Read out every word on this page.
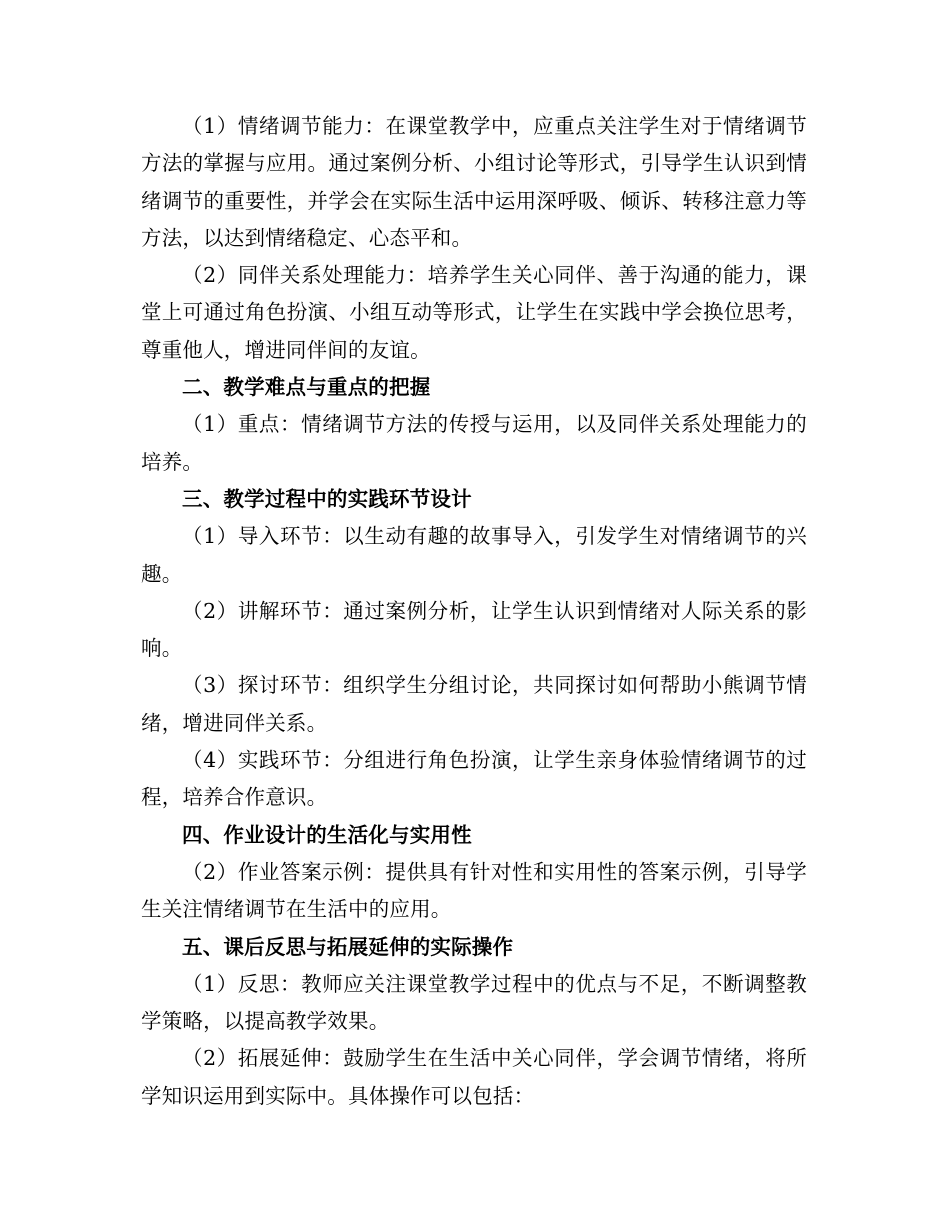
（1）情绪调节能力：在课堂教学中，应重点关注学生对于情绪调节方法的掌握与应用。通过案例分析、小组讨论等形式，引导学生认识到情绪调节的重要性，并学会在实际生活中运用深呼吸、倾诉、转移注意力等方法，以达到情绪稳定、心态平和。

（2）同伴关系处理能力：培养学生关心同伴、善于沟通的能力，课堂上可通过角色扮演、小组互动等形式，让学生在实践中学会换位思考，尊重他人，增进同伴间的友谊。

二、教学难点与重点的把握

（1）重点：情绪调节方法的传授与运用，以及同伴关系处理能力的培养。

三、教学过程中的实践环节设计

（1）导入环节：以生动有趣的故事导入，引发学生对情绪调节的兴趣。

（2）讲解环节：通过案例分析，让学生认识到情绪对人际关系的影响。

（3）探讨环节：组织学生分组讨论，共同探讨如何帮助小熊调节情绪，增进同伴关系。

（4）实践环节：分组进行角色扮演，让学生亲身体验情绪调节的过程，培养合作意识。

四、作业设计的生活化与实用性

（2）作业答案示例：提供具有针对性和实用性的答案示例，引导学生关注情绪调节在生活中的应用。

五、课后反思与拓展延伸的实际操作

（1）反思：教师应关注课堂教学过程中的优点与不足，不断调整教学策略，以提高教学效果。

（2）拓展延伸：鼓励学生在生活中关心同伴，学会调节情绪，将所学知识运用到实际中。具体操作可以包括：
